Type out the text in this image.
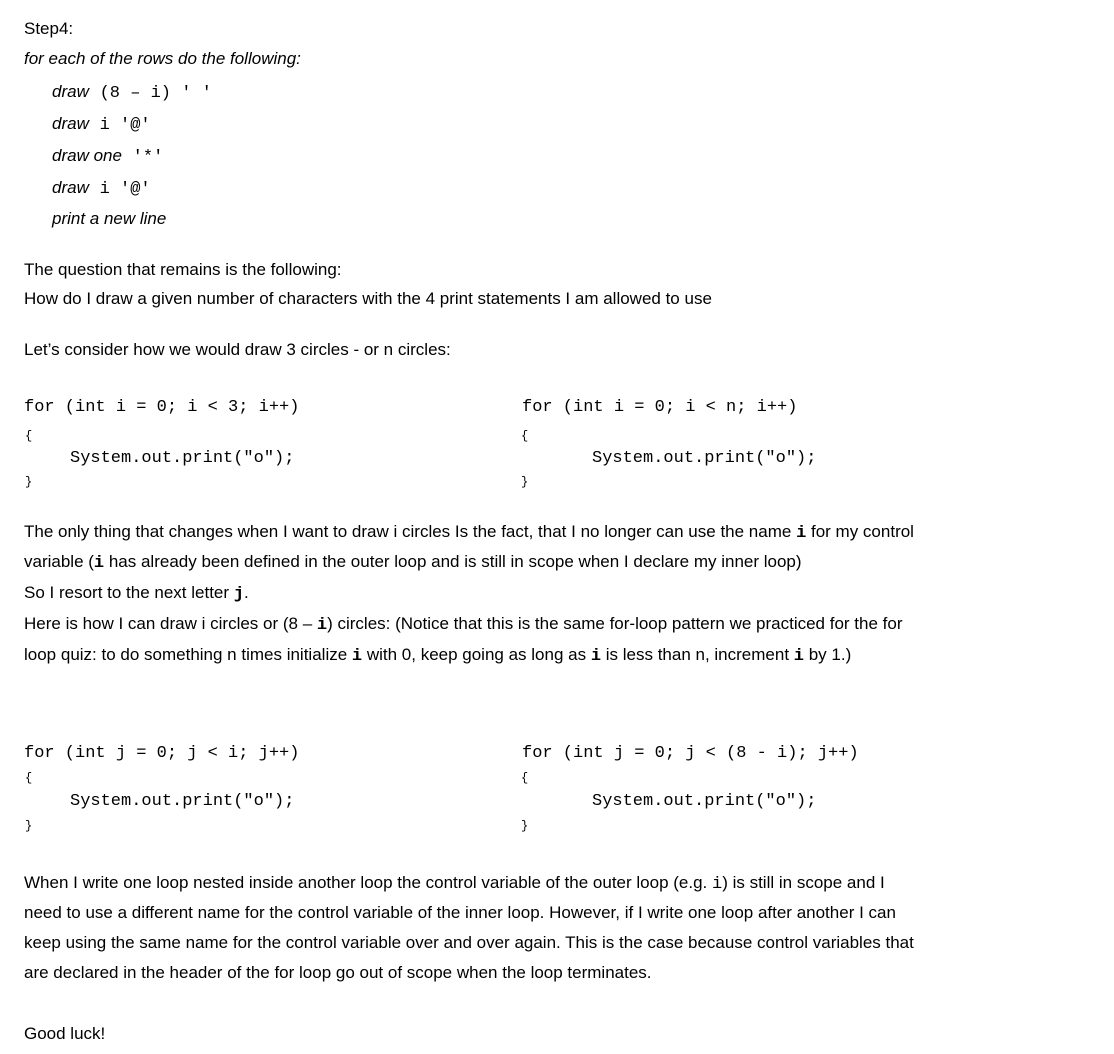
Step4:
for each of the rows do the following:
draw (8 – i) ' '
draw i '@'
draw one '*'
draw i '@'
print a new line
The question that remains is the following:
How do I draw a given number of characters with the 4 print statements I am allowed to use
Let’s consider how we would draw 3 circles - or n circles:
for (int i = 0; i < 3; i++)
{
System.out.print("o");
}
for (int i = 0; i < n; i++)
{
System.out.print("o");
}
The only thing that changes when I want to draw i circles Is the fact, that I no longer can use the name i for my control
variable (i has already been defined in the outer loop and is still in scope when I declare my inner loop)
So I resort to the next letter j.
Here is how I can draw i circles or (8 – i) circles: (Notice that this is the same for-loop pattern we practiced for the for
loop quiz: to do something n times initialize i with 0, keep going as long as i is less than n, increment i by 1.)
for (int j = 0; j < i; j++)
{
System.out.print("o");
}
for (int j = 0; j < (8 - i); j++)
{
System.out.print("o");
}
When I write one loop nested inside another loop the control variable of the outer loop (e.g. i) is still in scope and I
need to use a different name for the control variable of the inner loop. However, if I write one loop after another I can
keep using the same name for the control variable over and over again. This is the case because control variables that
are declared in the header of the for loop go out of scope when the loop terminates.
Good luck!
